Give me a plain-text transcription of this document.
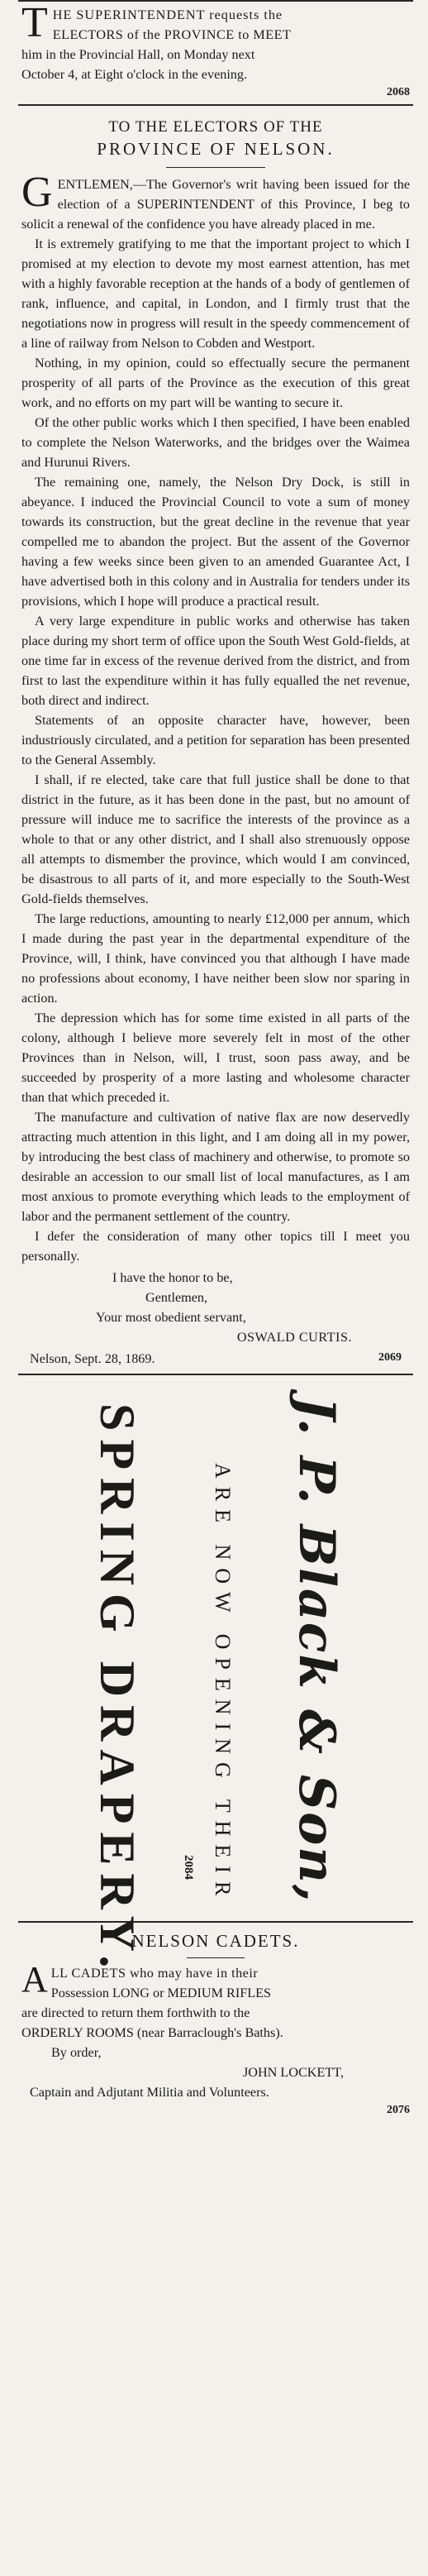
T HE SUPERINTENDENT requests the
ELECTORS of the PROVINCE to MEET
him in the Provincial Hall, on Monday next
October 4, at Eight o'clock in the evening.
2068
TO THE ELECTORS OF THE
PROVINCE OF NELSON.

GENTLEMEN,—The Governor's writ having been issued for the election of a SUPERINTENDENT of this Province, I beg to solicit a renewal of the confidence you have already placed in me.

It is extremely gratifying to me that the important project to which I promised at my election to devote my most earnest attention, has met with a highly favorable reception at the hands of a body of gentlemen of rank, influence, and capital, in London, and I firmly trust that the negotiations now in progress will result in the speedy commencement of a line of railway from Nelson to Cobden and Westport.

Nothing, in my opinion, could so effectually secure the permanent prosperity of all parts of the Province as the execution of this great work, and no efforts on my part will be wanting to secure it.

Of the other public works which I then specified, I have been enabled to complete the Nelson Waterworks, and the bridges over the Waimea and Hurunui Rivers.

The remaining one, namely, the Nelson Dry Dock, is still in abeyance. I induced the Provincial Council to vote a sum of money towards its construction, but the great decline in the revenue that year compelled me to abandon the project. But the assent of the Governor having a few weeks since been given to an amended Guarantee Act, I have advertised both in this colony and in Australia for tenders under its provisions, which I hope will produce a practical result.

A very large expenditure in public works and otherwise has taken place during my short term of office upon the South West Gold-fields, at one time far in excess of the revenue derived from the district, and from first to last the expenditure within it has fully equalled the net revenue, both direct and indirect.

Statements of an opposite character have, however, been industriously circulated, and a petition for separation has been presented to the General Assembly.

I shall, if re elected, take care that full justice shall be done to that district in the future, as it has been done in the past, but no amount of pressure will induce me to sacrifice the interests of the province as a whole to that or any other district, and I shall also strenuously oppose all attempts to dismember the province, which would I am convinced, be disastrous to all parts of it, and more especially to the South-West Gold-fields themselves.

The large reductions, amounting to nearly £12,000 per annum, which I made during the past year in the departmental expenditure of the Province, will, I think, have convinced you that although I have made no professions about economy, I have neither been slow nor sparing in action.

The depression which has for some time existed in all parts of the colony, although I believe more severely felt in most of the other Provinces than in Nelson, will, I trust, soon pass away, and be succeeded by prosperity of a more lasting and wholesome character than that which preceded it.

The manufacture and cultivation of native flax are now deservedly attracting much attention in this light, and I am doing all in my power, by introducing the best class of machinery and otherwise, to promote so desirable an accession to our small list of local manufactures, as I am most anxious to promote everything which leads to the employment of labor and the permanent settlement of the country.

I defer the consideration of many other topics till I meet you personally.

I have the honor to be,
Gentlemen,
Your most obedient servant,
OSWALD CURTIS.
Nelson, Sept. 28, 1869.	2069
J. P. Black & Son,
ARE NOW OPENING THEIR
SPRING DRAPERY.	2084
NELSON CADETS.
A LL CADETS who may have in their
Possession LONG or MEDIUM RIFLES
are directed to return them forthwith to the
ORDERLY ROOMS (near Barraclough's Baths).
By order,
JOHN LOCKETT,
Captain and Adjutant Militia and Volunteers.
2076
